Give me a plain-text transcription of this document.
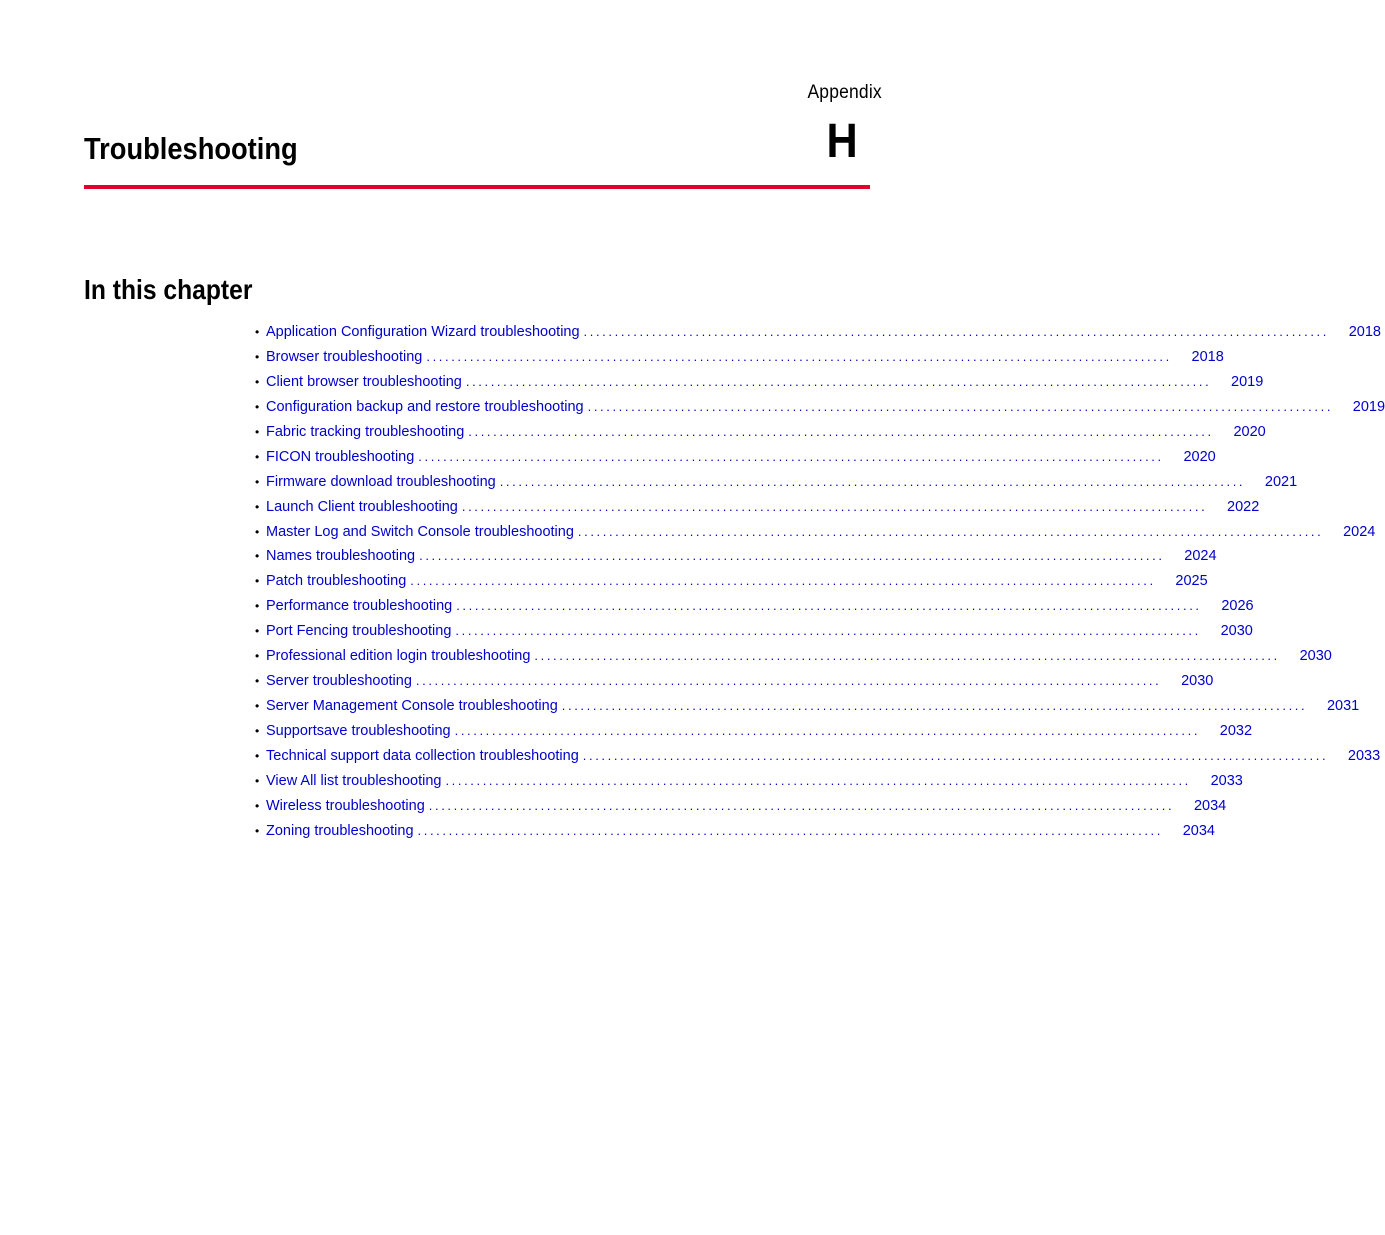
Appendix
H
Troubleshooting
In this chapter
• Application Configuration Wizard troubleshooting ........................................................................................................................	2018
• Browser troubleshooting ........................................................................................................................	2018
• Client browser troubleshooting ........................................................................................................................	2019
• Configuration backup and restore troubleshooting ........................................................................................................................	2019
• Fabric tracking troubleshooting ........................................................................................................................	2020
• FICON troubleshooting ........................................................................................................................	2020
• Firmware download troubleshooting ........................................................................................................................	2021
• Launch Client troubleshooting ........................................................................................................................	2022
• Master Log and Switch Console troubleshooting ........................................................................................................................	2024
• Names troubleshooting ........................................................................................................................	2024
• Patch troubleshooting ........................................................................................................................	2025
• Performance troubleshooting ........................................................................................................................	2026
• Port Fencing troubleshooting ........................................................................................................................	2030
• Professional edition login troubleshooting ........................................................................................................................	2030
• Server troubleshooting ........................................................................................................................	2030
• Server Management Console troubleshooting ........................................................................................................................	2031
• Supportsave troubleshooting ........................................................................................................................	2032
• Technical support data collection troubleshooting ........................................................................................................................	2033
• View All list troubleshooting ........................................................................................................................	2033
• Wireless troubleshooting ........................................................................................................................	2034
• Zoning troubleshooting ........................................................................................................................	2034
